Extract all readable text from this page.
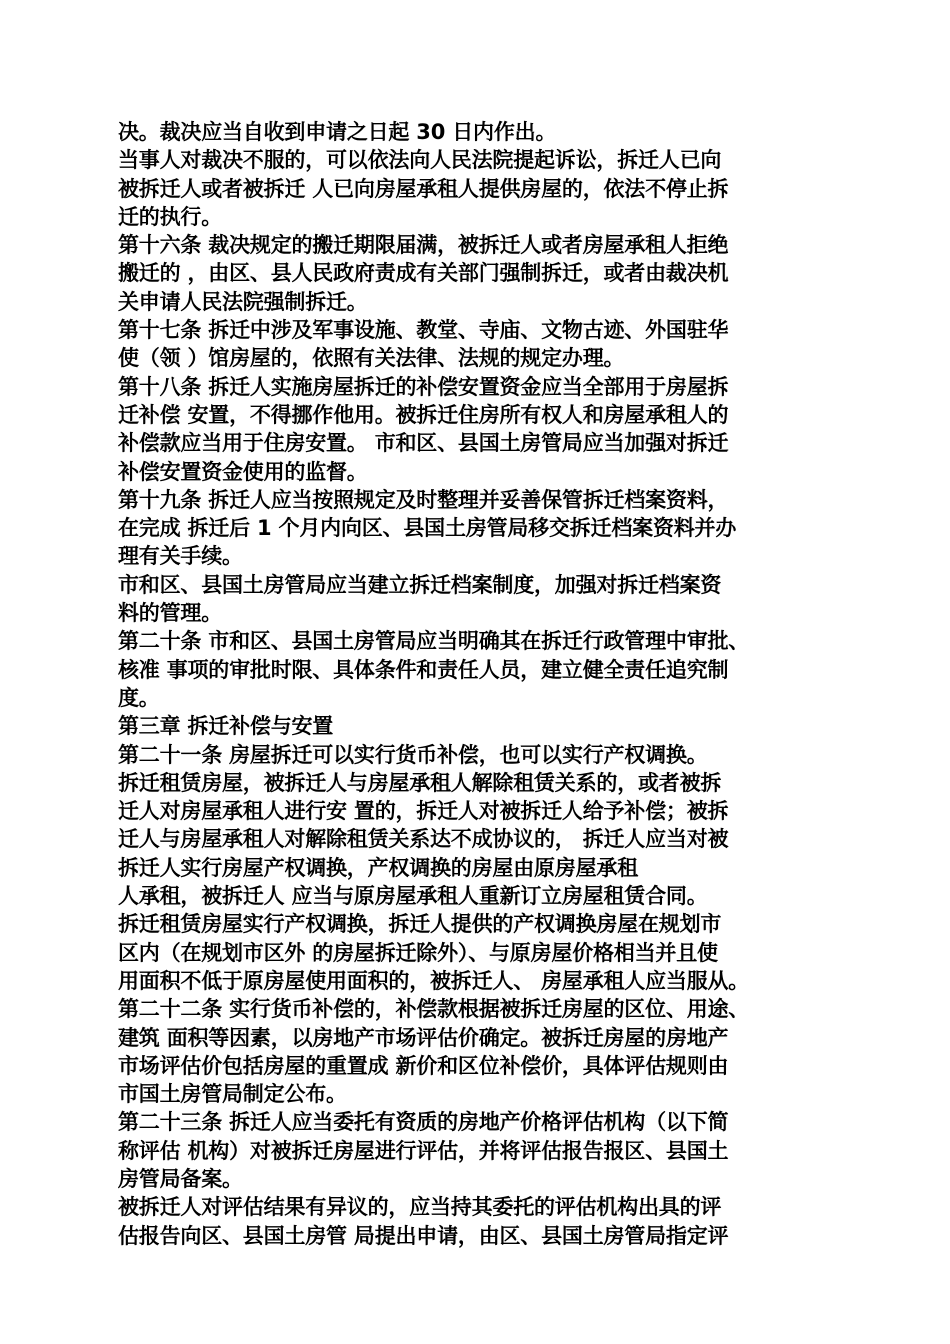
决。裁决应当自收到申请之日起 30 日内作出。
当事人对裁决不服的，可以依法向人民法院提起诉讼，拆迁人已向
被拆迁人或者被拆迁 人已向房屋承租人提供房屋的，依法不停止拆
迁的执行。
第十六条 裁决规定的搬迁期限届满，被拆迁人或者房屋承租人拒绝
搬迁的 ，由区、县人民政府责成有关部门强制拆迁，或者由裁决机
关申请人民法院强制拆迁。
第十七条 拆迁中涉及军事设施、教堂、寺庙、文物古迹、外国驻华
使（领 ）馆房屋的，依照有关法律、法规的规定办理。
第十八条 拆迁人实施房屋拆迁的补偿安置资金应当全部用于房屋拆
迁补偿 安置，不得挪作他用。被拆迁住房所有权人和房屋承租人的
补偿款应当用于住房安置。 市和区、县国土房管局应当加强对拆迁
补偿安置资金使用的监督。
第十九条 拆迁人应当按照规定及时整理并妥善保管拆迁档案资料，
在完成 拆迁后 1 个月内向区、县国土房管局移交拆迁档案资料并办
理有关手续。
市和区、县国土房管局应当建立拆迁档案制度，加强对拆迁档案资
料的管理。
第二十条 市和区、县国土房管局应当明确其在拆迁行政管理中审批、
核准 事项的审批时限、具体条件和责任人员，建立健全责任追究制
度。
第三章 拆迁补偿与安置
第二十一条 房屋拆迁可以实行货币补偿，也可以实行产权调换。
拆迁租赁房屋，被拆迁人与房屋承租人解除租赁关系的，或者被拆
迁人对房屋承租人进行安 置的，拆迁人对被拆迁人给予补偿；被拆
迁人与房屋承租人对解除租赁关系达不成协议的， 拆迁人应当对被
拆迁人实行房屋产权调换，产权调换的房屋由原房屋承租
人承租，被拆迁人 应当与原房屋承租人重新订立房屋租赁合同。
拆迁租赁房屋实行产权调换，拆迁人提供的产权调换房屋在规划市
区内（在规划市区外 的房屋拆迁除外）、与原房屋价格相当并且使
用面积不低于原房屋使用面积的，被拆迁人、 房屋承租人应当服从。
第二十二条 实行货币补偿的，补偿款根据被拆迁房屋的区位、用途、
建筑 面积等因素，以房地产市场评估价确定。被拆迁房屋的房地产
市场评估价包括房屋的重置成 新价和区位补偿价，具体评估规则由
市国土房管局制定公布。
第二十三条 拆迁人应当委托有资质的房地产价格评估机构（以下简
称评估 机构）对被拆迁房屋进行评估，并将评估报告报区、县国土
房管局备案。
被拆迁人对评估结果有异议的，应当持其委托的评估机构出具的评
估报告向区、县国土房管 局提出申请，由区、县国土房管局指定评
